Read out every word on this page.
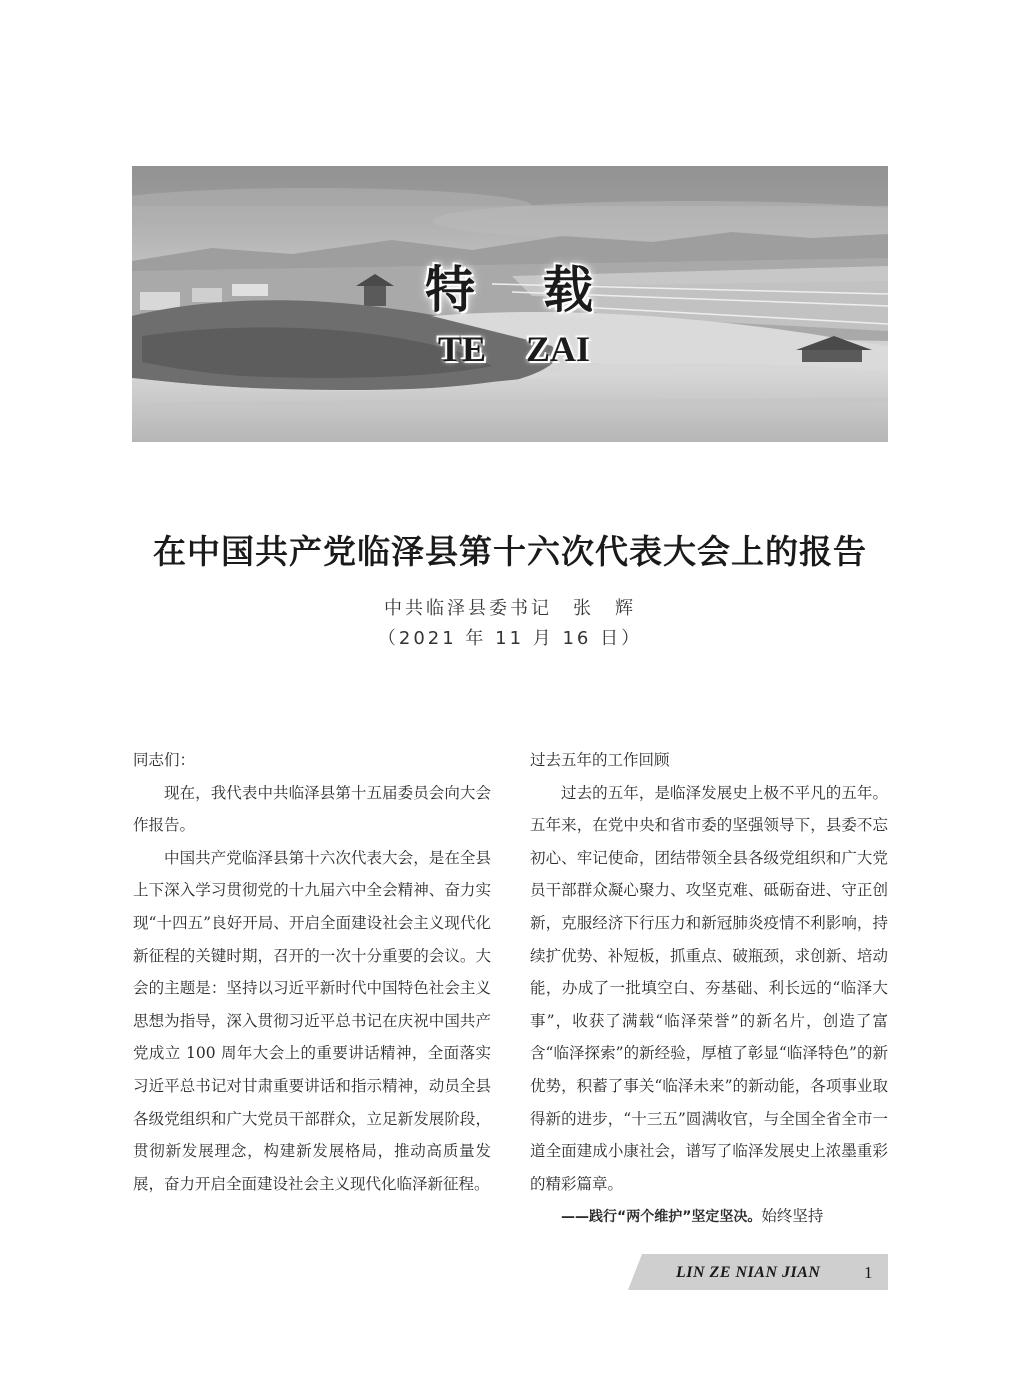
特 载
TE ZAI
在中国共产党临泽县第十六次代表大会上的报告
中共临泽县委书记　张　辉
（2021 年 11 月 16 日）

同志们：

现在，我代表中共临泽县第十五届委员会向大会作报告。

中国共产党临泽县第十六次代表大会，是在全县上下深入学习贯彻党的十九届六中全会精神、奋力实现“十四五”良好开局、开启全面建设社会主义现代化新征程的关键时期，召开的一次十分重要的会议。大会的主题是：坚持以习近平新时代中国特色社会主义思想为指导，深入贯彻习近平总书记在庆祝中国共产党成立 100 周年大会上的重要讲话精神，全面落实习近平总书记对甘肃重要讲话和指示精神，动员全县各级党组织和广大党员干部群众，立足新发展阶段，贯彻新发展理念，构建新发展格局，推动高质量发展，奋力开启全面建设社会主义现代化临泽新征程。

过去五年的工作回顾

过去的五年，是临泽发展史上极不平凡的五年。五年来，在党中央和省市委的坚强领导下，县委不忘初心、牢记使命，团结带领全县各级党组织和广大党员干部群众凝心聚力、攻坚克难、砥砺奋进、守正创新，克服经济下行压力和新冠肺炎疫情不利影响，持续扩优势、补短板，抓重点、破瓶颈，求创新、培动能，办成了一批填空白、夯基础、利长远的“临泽大事”，收获了满载“临泽荣誉”的新名片，创造了富含“临泽探索”的新经验，厚植了彰显“临泽特色”的新优势，积蓄了事关“临泽未来”的新动能，各项事业取得新的进步，“十三五”圆满收官，与全国全省全市一道全面建成小康社会，谱写了临泽发展史上浓墨重彩的精彩篇章。

——践行“两个维护”坚定坚决。始终坚持

LIN ZE NIAN JIAN	1
